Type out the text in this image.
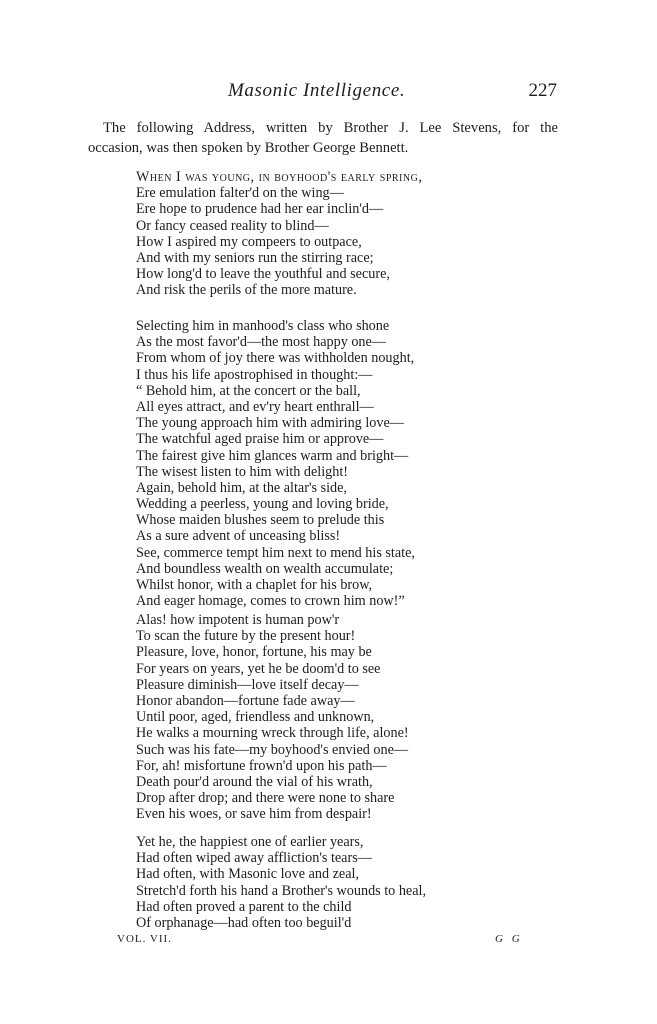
Masonic Intelligence.	227
The following Address, written by Brother J. Lee Stevens, for the
occasion, was then spoken by Brother George Bennett.
When I was young, in boyhood's early spring,
Ere emulation falter'd on the wing—
Ere hope to prudence had her ear inclin'd—
Or fancy ceased reality to blind—
How I aspired my compeers to outpace,
And with my seniors run the stirring race;
How long'd to leave the youthful and secure,
And risk the perils of the more mature.
Selecting him in manhood's class who shone
As the most favor'd—the most happy one—
From whom of joy there was withholden nought,
I thus his life apostrophised in thought:—
“ Behold him, at the concert or the ball,
All eyes attract, and ev'ry heart enthrall—
The young approach him with admiring love—
The watchful aged praise him or approve—
The fairest give him glances warm and bright—
The wisest listen to him with delight!
Again, behold him, at the altar's side,
Wedding a peerless, young and loving bride,
Whose maiden blushes seem to prelude this
As a sure advent of unceasing bliss!
See, commerce tempt him next to mend his state,
And boundless wealth on wealth accumulate;
Whilst honor, with a chaplet for his brow,
And eager homage, comes to crown him now!”
Alas! how impotent is human pow'r
To scan the future by the present hour!
Pleasure, love, honor, fortune, his may be
For years on years, yet he be doom'd to see
Pleasure diminish—love itself decay—
Honor abandon—fortune fade away—
Until poor, aged, friendless and unknown,
He walks a mourning wreck through life, alone!
Such was his fate—my boyhood's envied one—
For, ah! misfortune frown'd upon his path—
Death pour'd around the vial of his wrath,
Drop after drop; and there were none to share
Even his woes, or save him from despair!
Yet he, the happiest one of earlier years,
Had often wiped away affliction's tears—
Had often, with Masonic love and zeal,
Stretch'd forth his hand a Brother's wounds to heal,
Had often proved a parent to the child
Of orphanage—had often too beguil'd
VOL. VII.	G G
